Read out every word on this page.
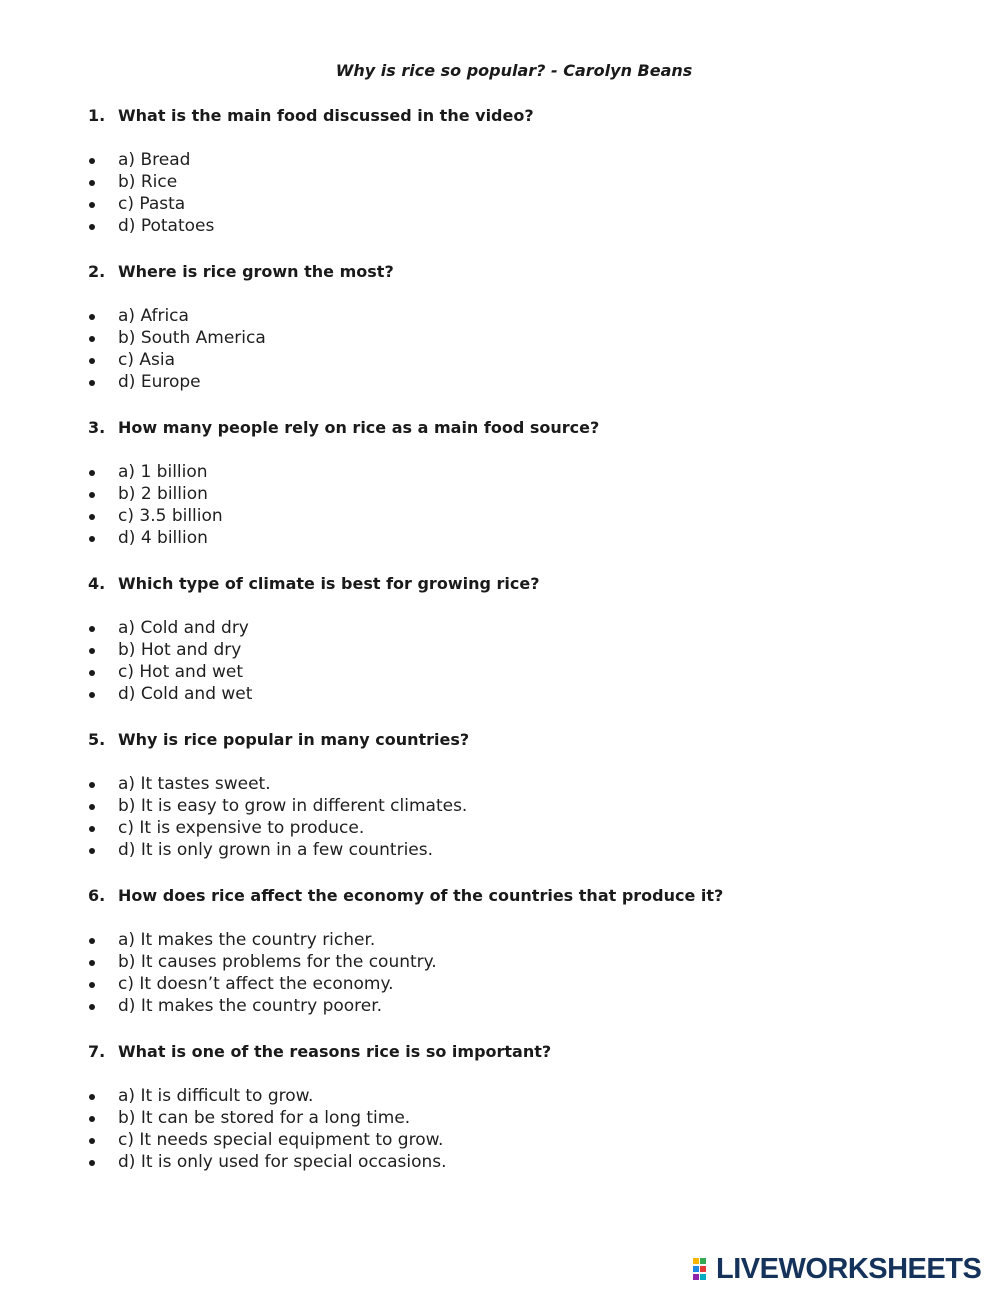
Why is rice so popular? - Carolyn Beans
1. What is the main food discussed in the video?
a) Bread
b) Rice
c) Pasta
d) Potatoes
2. Where is rice grown the most?
a) Africa
b) South America
c) Asia
d) Europe
3. How many people rely on rice as a main food source?
a) 1 billion
b) 2 billion
c) 3.5 billion
d) 4 billion
4. Which type of climate is best for growing rice?
a) Cold and dry
b) Hot and dry
c) Hot and wet
d) Cold and wet
5. Why is rice popular in many countries?
a) It tastes sweet.
b) It is easy to grow in different climates.
c) It is expensive to produce.
d) It is only grown in a few countries.
6. How does rice affect the economy of the countries that produce it?
a) It makes the country richer.
b) It causes problems for the country.
c) It doesn’t affect the economy.
d) It makes the country poorer.
7. What is one of the reasons rice is so important?
a) It is difficult to grow.
b) It can be stored for a long time.
c) It needs special equipment to grow.
d) It is only used for special occasions.
LIVEWORKSHEETS
